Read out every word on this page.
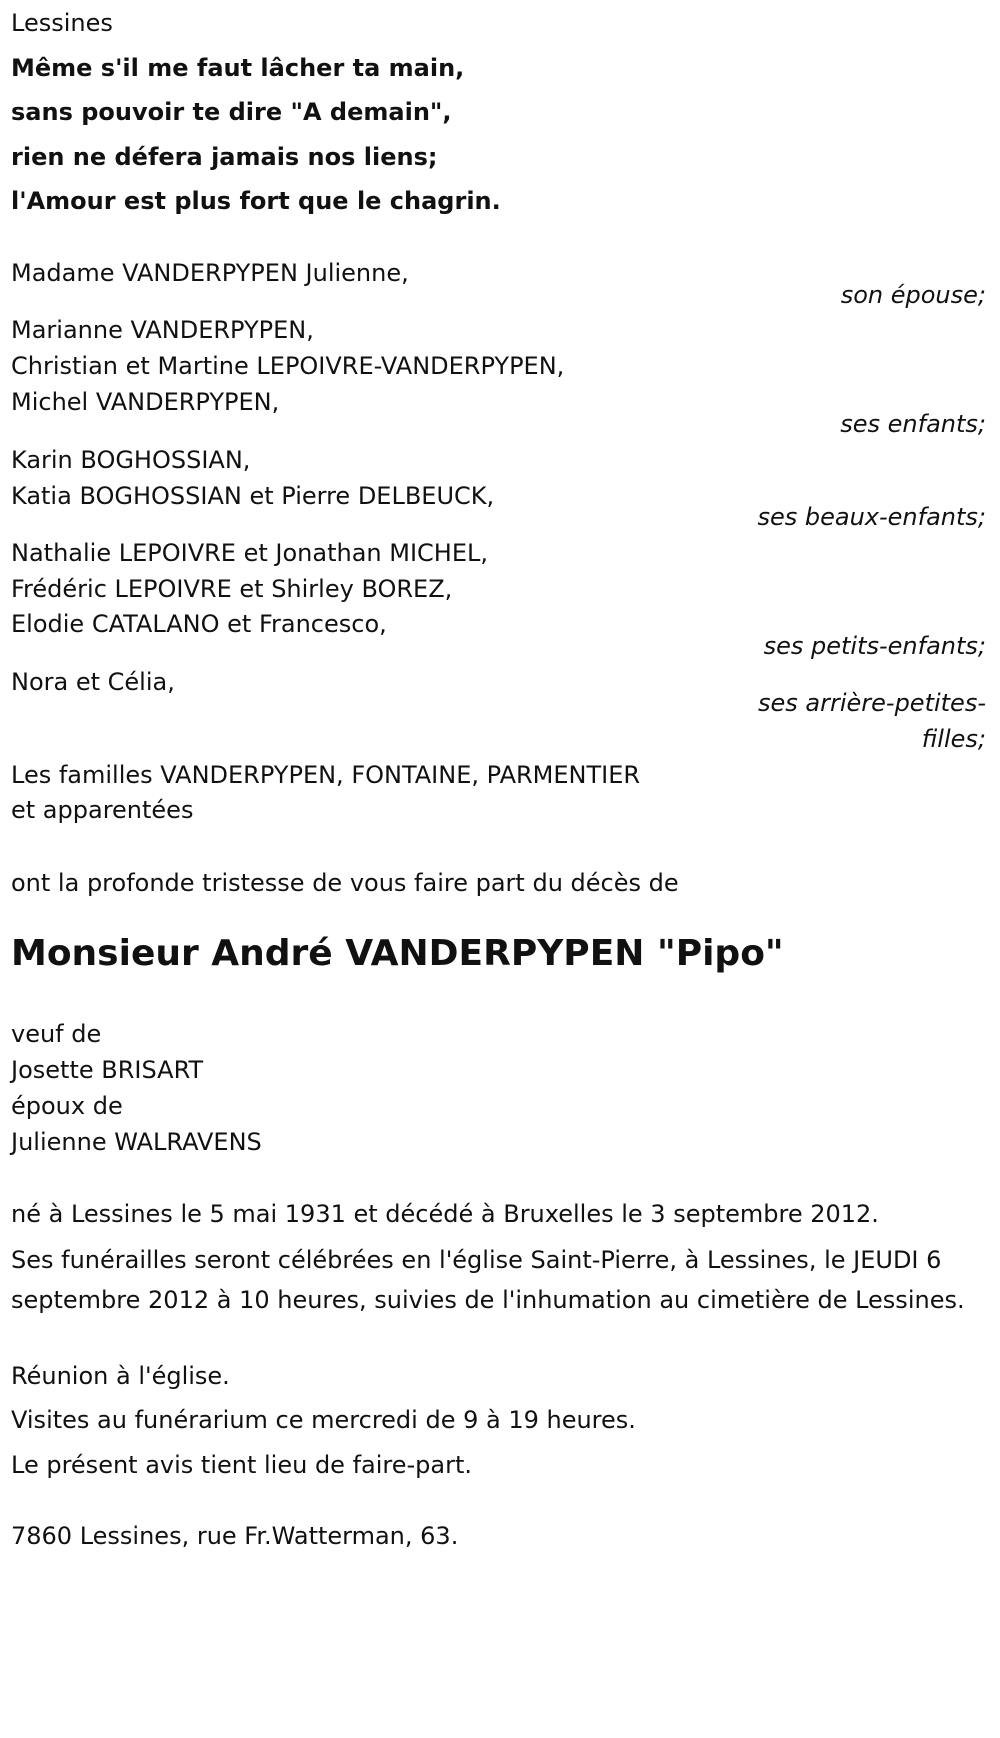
Lessines
Même s'il me faut lâcher ta main,
sans pouvoir te dire "A demain",
rien ne défera jamais nos liens;
l'Amour est plus fort que le chagrin.
Madame VANDERPYPEN Julienne,
son épouse;
Marianne VANDERPYPEN,
Christian et Martine LEPOIVRE-VANDERPYPEN,
Michel VANDERPYPEN,
ses enfants;
Karin BOGHOSSIAN,
Katia BOGHOSSIAN et Pierre DELBEUCK,
ses beaux-enfants;
Nathalie LEPOIVRE et Jonathan MICHEL,
Frédéric LEPOIVRE et Shirley BOREZ,
Elodie CATALANO et Francesco,
ses petits-enfants;
Nora et Célia,
ses arrière-petites-
filles;
Les familles VANDERPYPEN, FONTAINE, PARMENTIER
et apparentées
ont la profonde tristesse de vous faire part du décès de
Monsieur André VANDERPYPEN "Pipo"
veuf de
Josette BRISART
époux de
Julienne WALRAVENS
né à Lessines le 5 mai 1931 et décédé à Bruxelles le 3 septembre 2012.
Ses funérailles seront célébrées en l'église Saint-Pierre, à Lessines, le JEUDI 6 septembre 2012 à 10 heures, suivies de l'inhumation au cimetière de Lessines.
Réunion à l'église.
Visites au funérarium ce mercredi de 9 à 19 heures.
Le présent avis tient lieu de faire-part.
7860 Lessines, rue Fr.Watterman, 63.
